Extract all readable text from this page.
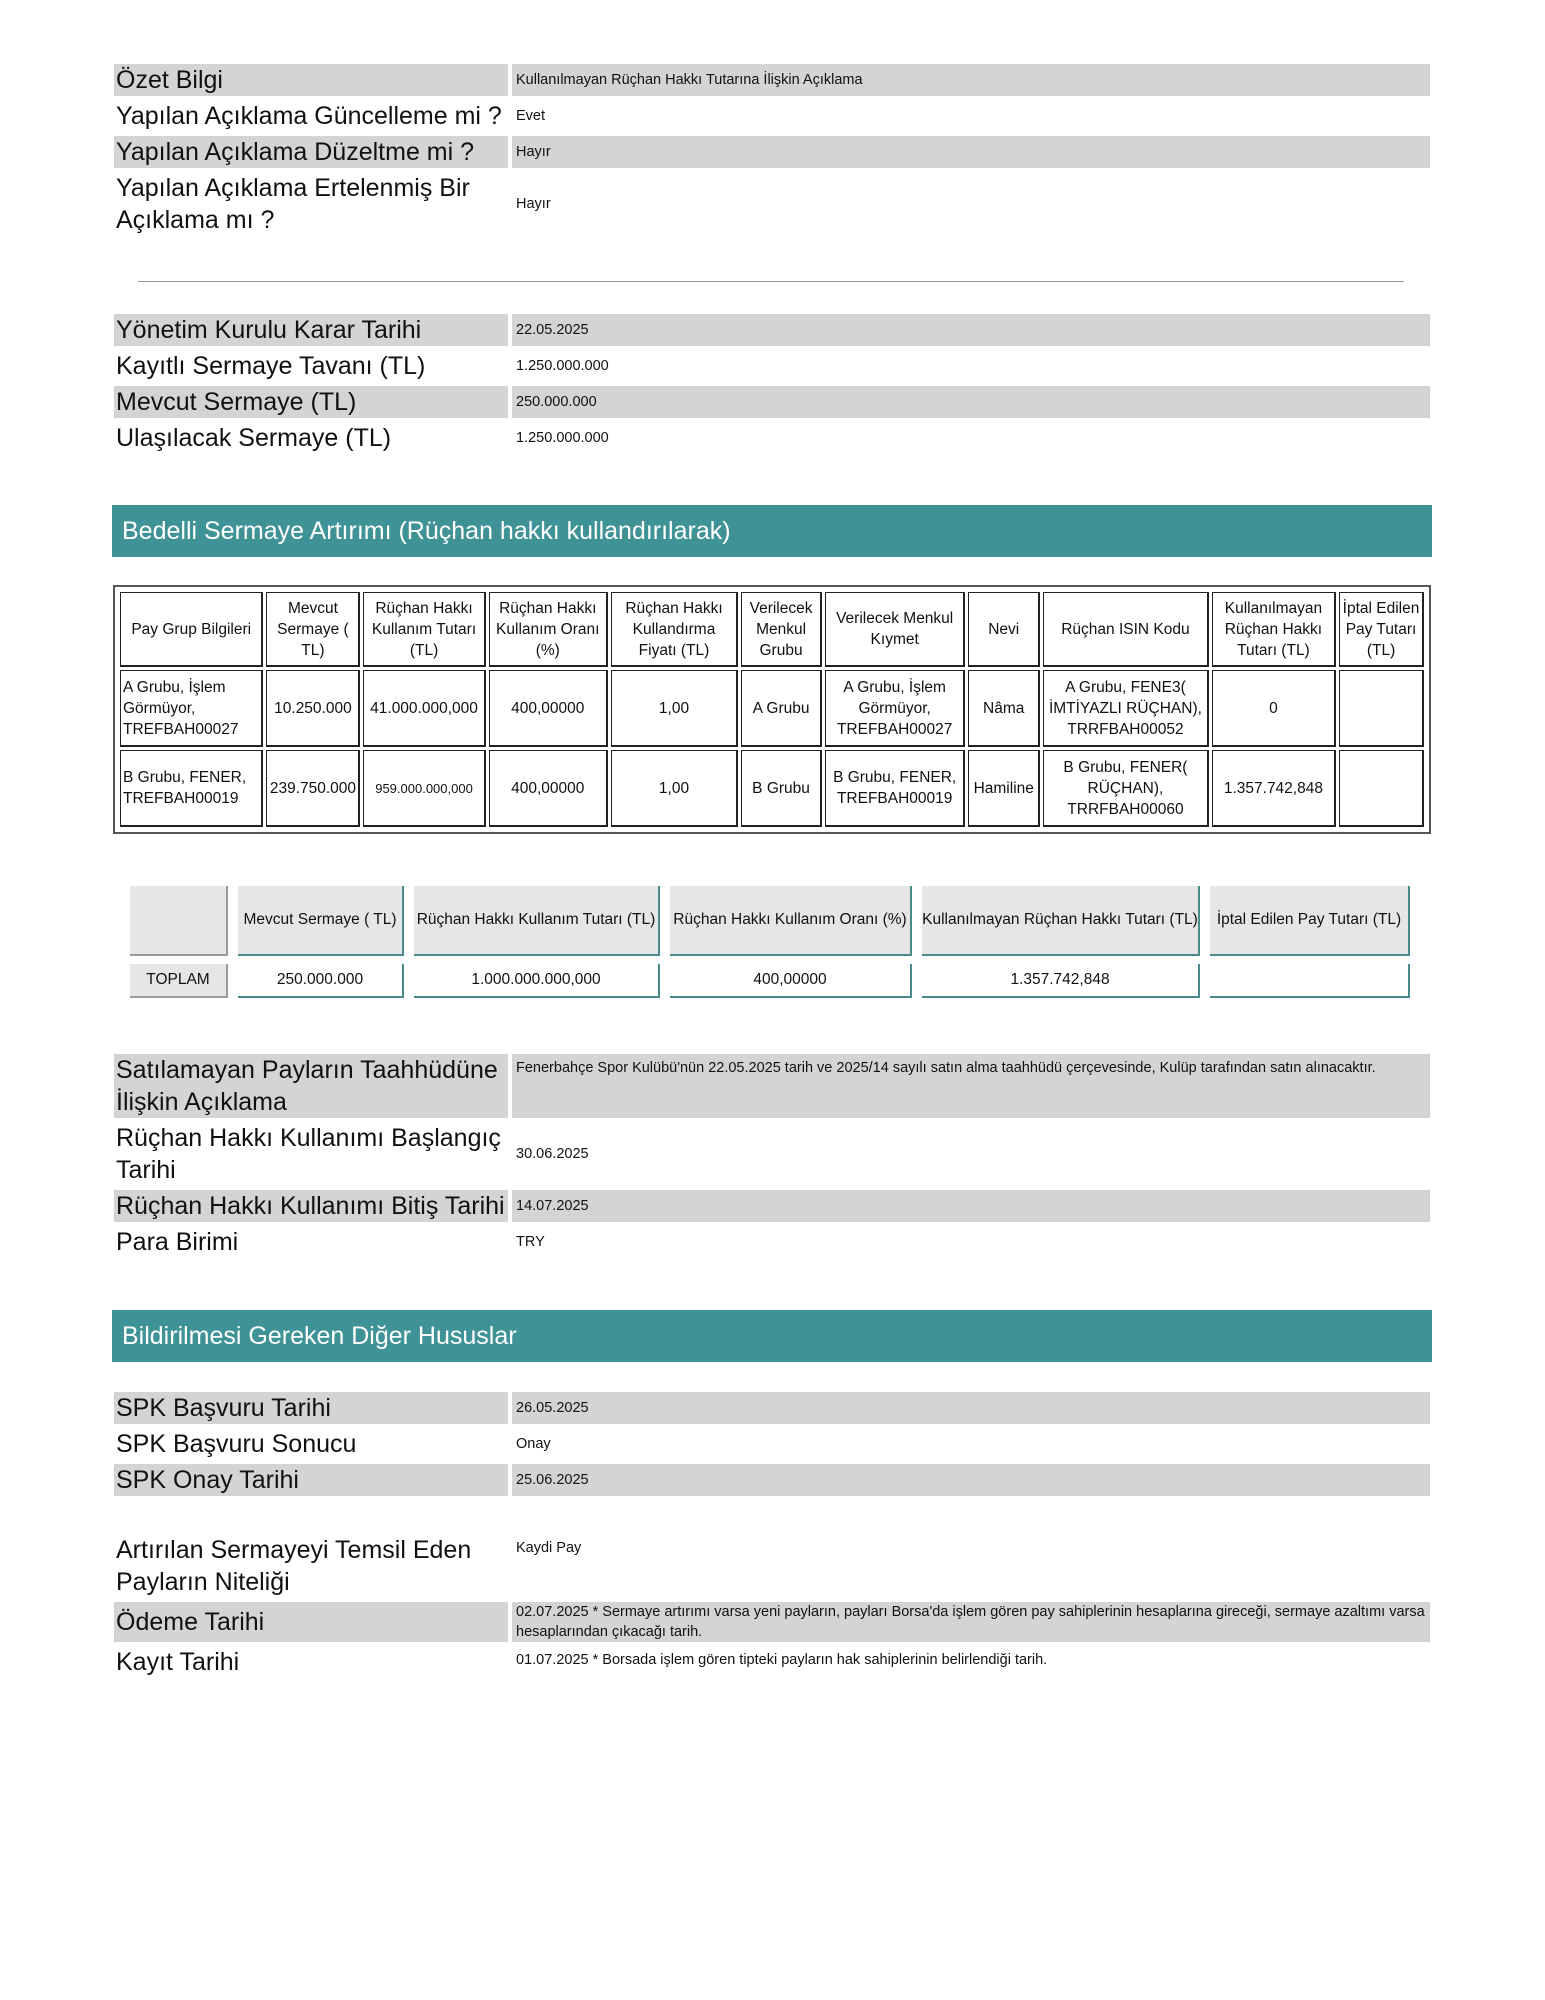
Özet Bilgi		Kullanılmayan Rüçhan Hakkı Tutarına İlişkin Açıklama
Yapılan Açıklama Güncelleme mi ?		Evet
Yapılan Açıklama Düzeltme mi ?		Hayır
Yapılan Açıklama Ertelenmiş Bir Açıklama mı ?		Hayır
Yönetim Kurulu Karar Tarihi		22.05.2025
Kayıtlı Sermaye Tavanı (TL)		1.250.000.000
Mevcut Sermaye (TL)		250.000.000
Ulaşılacak Sermaye (TL)		1.250.000.000
Bedelli Sermaye Artırımı (Rüçhan hakkı kullandırılarak)
Pay Grup Bilgileri	Mevcut Sermaye ( TL)	Rüçhan Hakkı Kullanım Tutarı (TL)	Rüçhan Hakkı Kullanım Oranı (%)	Rüçhan Hakkı Kullandırma Fiyatı (TL)	Verilecek Menkul Grubu	Verilecek Menkul Kıymet	Nevi	Rüçhan ISIN Kodu	Kullanılmayan Rüçhan Hakkı Tutarı (TL)	İptal Edilen Pay Tutarı (TL)
A Grubu, İşlem Görmüyor, TREFBAH00027	10.250.000	41.000.000,000	400,00000	1,00	A Grubu	A Grubu, İşlem Görmüyor, TREFBAH00027	Nâma	A Grubu, FENE3( İMTİYAZLI RÜÇHAN), TRRFBAH00052	0	
B Grubu, FENER, TREFBAH00019	239.750.000	959.000.000,000	400,00000	1,00	B Grubu	B Grubu, FENER, TREFBAH00019	Hamiline	B Grubu, FENER( RÜÇHAN), TRRFBAH00060	1.357.742,848	
	Mevcut Sermaye ( TL)	Rüçhan Hakkı Kullanım Tutarı (TL)	Rüçhan Hakkı Kullanım Oranı (%)	Kullanılmayan Rüçhan Hakkı Tutarı (TL)	İptal Edilen Pay Tutarı (TL)
TOPLAM	250.000.000	1.000.000.000,000	400,00000	1.357.742,848	
Satılamayan Payların Taahhüdüne İlişkin Açıklama		Fenerbahçe Spor Kulübü'nün 22.05.2025 tarih ve 2025/14 sayılı satın alma taahhüdü çerçevesinde, Kulüp tarafından satın alınacaktır.
Rüçhan Hakkı Kullanımı Başlangıç Tarihi		30.06.2025
Rüçhan Hakkı Kullanımı Bitiş Tarihi		14.07.2025
Para Birimi		TRY
Bildirilmesi Gereken Diğer Hususlar
SPK Başvuru Tarihi		26.05.2025
SPK Başvuru Sonucu		Onay
SPK Onay Tarihi		25.06.2025
Artırılan Sermayeyi Temsil Eden Payların Niteliği		Kaydi Pay
Ödeme Tarihi		02.07.2025 * Sermaye artırımı varsa yeni payların, payları Borsa'da işlem gören pay sahiplerinin hesaplarına gireceği, sermaye azaltımı varsa hesaplarından çıkacağı tarih.
Kayıt Tarihi		01.07.2025 * Borsada işlem gören tipteki payların hak sahiplerinin belirlendiği tarih.
